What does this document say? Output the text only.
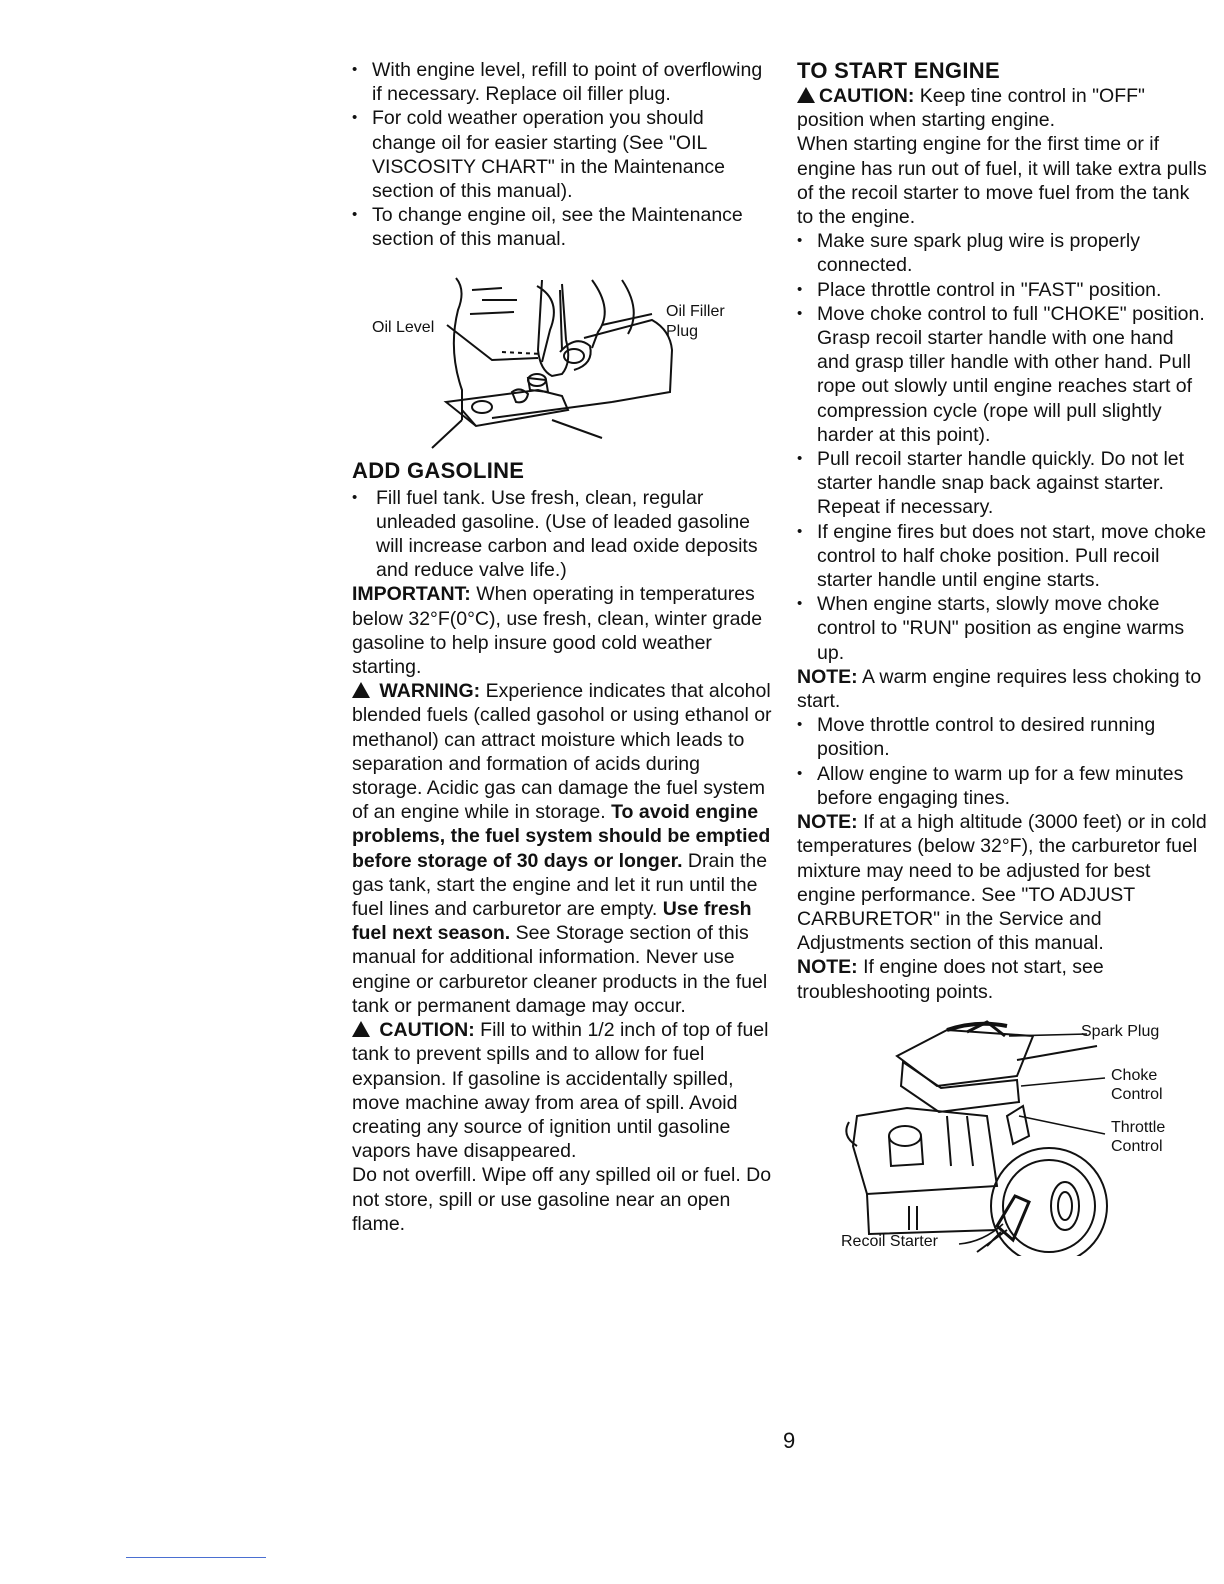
• With engine level, refill to point of overflowing if necessary. Replace oil filler plug.
• For cold weather operation you should change oil for easier starting (See "OIL VISCOSITY CHART" in the Maintenance section of this manual).
• To change engine oil, see the Maintenance section of this manual.
Oil Level
Oil Filler
Plug
ADD GASOLINE
• Fill fuel tank. Use fresh, clean, regular unleaded gasoline. (Use of leaded gasoline will increase carbon and lead oxide deposits and reduce valve life.)

IMPORTANT: When operating in temperatures below 32°F(0°C), use fresh, clean, winter grade gasoline to help insure good cold weather starting.

WARNING: Experience indicates that alcohol blended fuels (called gasohol or using ethanol or methanol) can attract moisture which leads to separation and formation of acids during storage. Acidic gas can damage the fuel system of an engine while in storage. To avoid engine problems, the fuel system should be emptied before storage of 30 days or longer. Drain the gas tank, start the engine and let it run until the fuel lines and carburetor are empty. Use fresh fuel next season. See Storage section of this manual for additional information. Never use engine or carburetor cleaner products in the fuel tank or permanent damage may occur.

CAUTION: Fill to within 1/2 inch of top of fuel tank to prevent spills and to allow for fuel expansion. If gasoline is accidentally spilled, move machine away from area of spill. Avoid creating any source of ignition until gasoline vapors have disappeared.

Do not overfill. Wipe off any spilled oil or fuel. Do not store, spill or use gasoline near an open flame.

TO START ENGINE

CAUTION: Keep tine control in "OFF" position when starting engine.

When starting engine for the first time or if engine has run out of fuel, it will take extra pulls of the recoil starter to move fuel from the tank to the engine.

• Make sure spark plug wire is properly connected.
• Place throttle control in "FAST" position.
• Move choke control to full "CHOKE" position. Grasp recoil starter handle with one hand and grasp tiller handle with other hand. Pull rope out slowly until engine reaches start of compression cycle (rope will pull slightly harder at this point).
• Pull recoil starter handle quickly. Do not let starter handle snap back against starter. Repeat if necessary.
• If engine fires but does not start, move choke control to half choke position. Pull recoil starter handle until engine starts.
• When engine starts, slowly move choke control to "RUN" position as engine warms up.

NOTE: A warm engine requires less choking to start.

• Move throttle control to desired running position.
• Allow engine to warm up for a few minutes before engaging tines.

NOTE: If at a high altitude (3000 feet) or in cold temperatures (below 32°F), the carburetor fuel mixture may need to be adjusted for best engine performance. See "TO ADJUST CARBURETOR" in the Service and Adjustments section of this manual.

NOTE: If engine does not start, see troubleshooting points.

Spark Plug
Choke
Control
Throttle
Control
Recoil Starter
9
